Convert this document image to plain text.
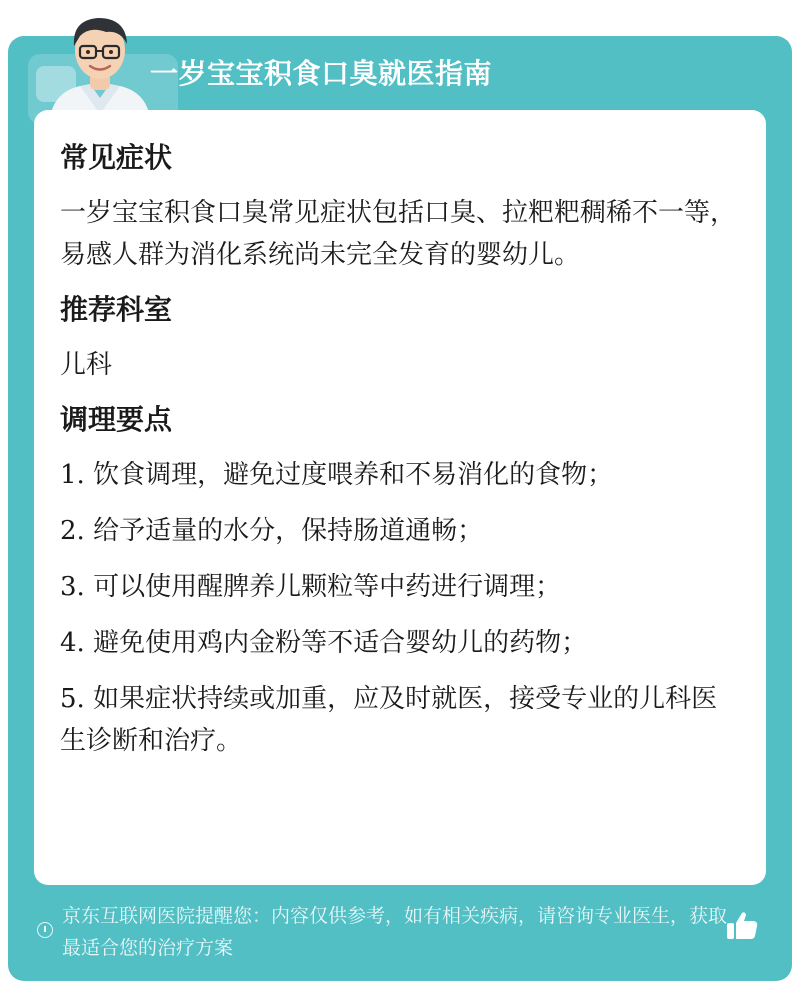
一岁宝宝积食口臭就医指南
常见症状
一岁宝宝积食口臭常见症状包括口臭、拉粑粑稠稀不一等，易感人群为消化系统尚未完全发育的婴幼儿。
推荐科室
儿科
调理要点
1. 饮食调理，避免过度喂养和不易消化的食物；
2. 给予适量的水分，保持肠道通畅；
3. 可以使用醒脾养儿颗粒等中药进行调理；
4. 避免使用鸡内金粉等不适合婴幼儿的药物；
5. 如果症状持续或加重，应及时就医，接受专业的儿科医生诊断和治疗。
京东互联网医院提醒您：内容仅供参考，如有相关疾病，请咨询专业医生，获取最适合您的治疗方案
